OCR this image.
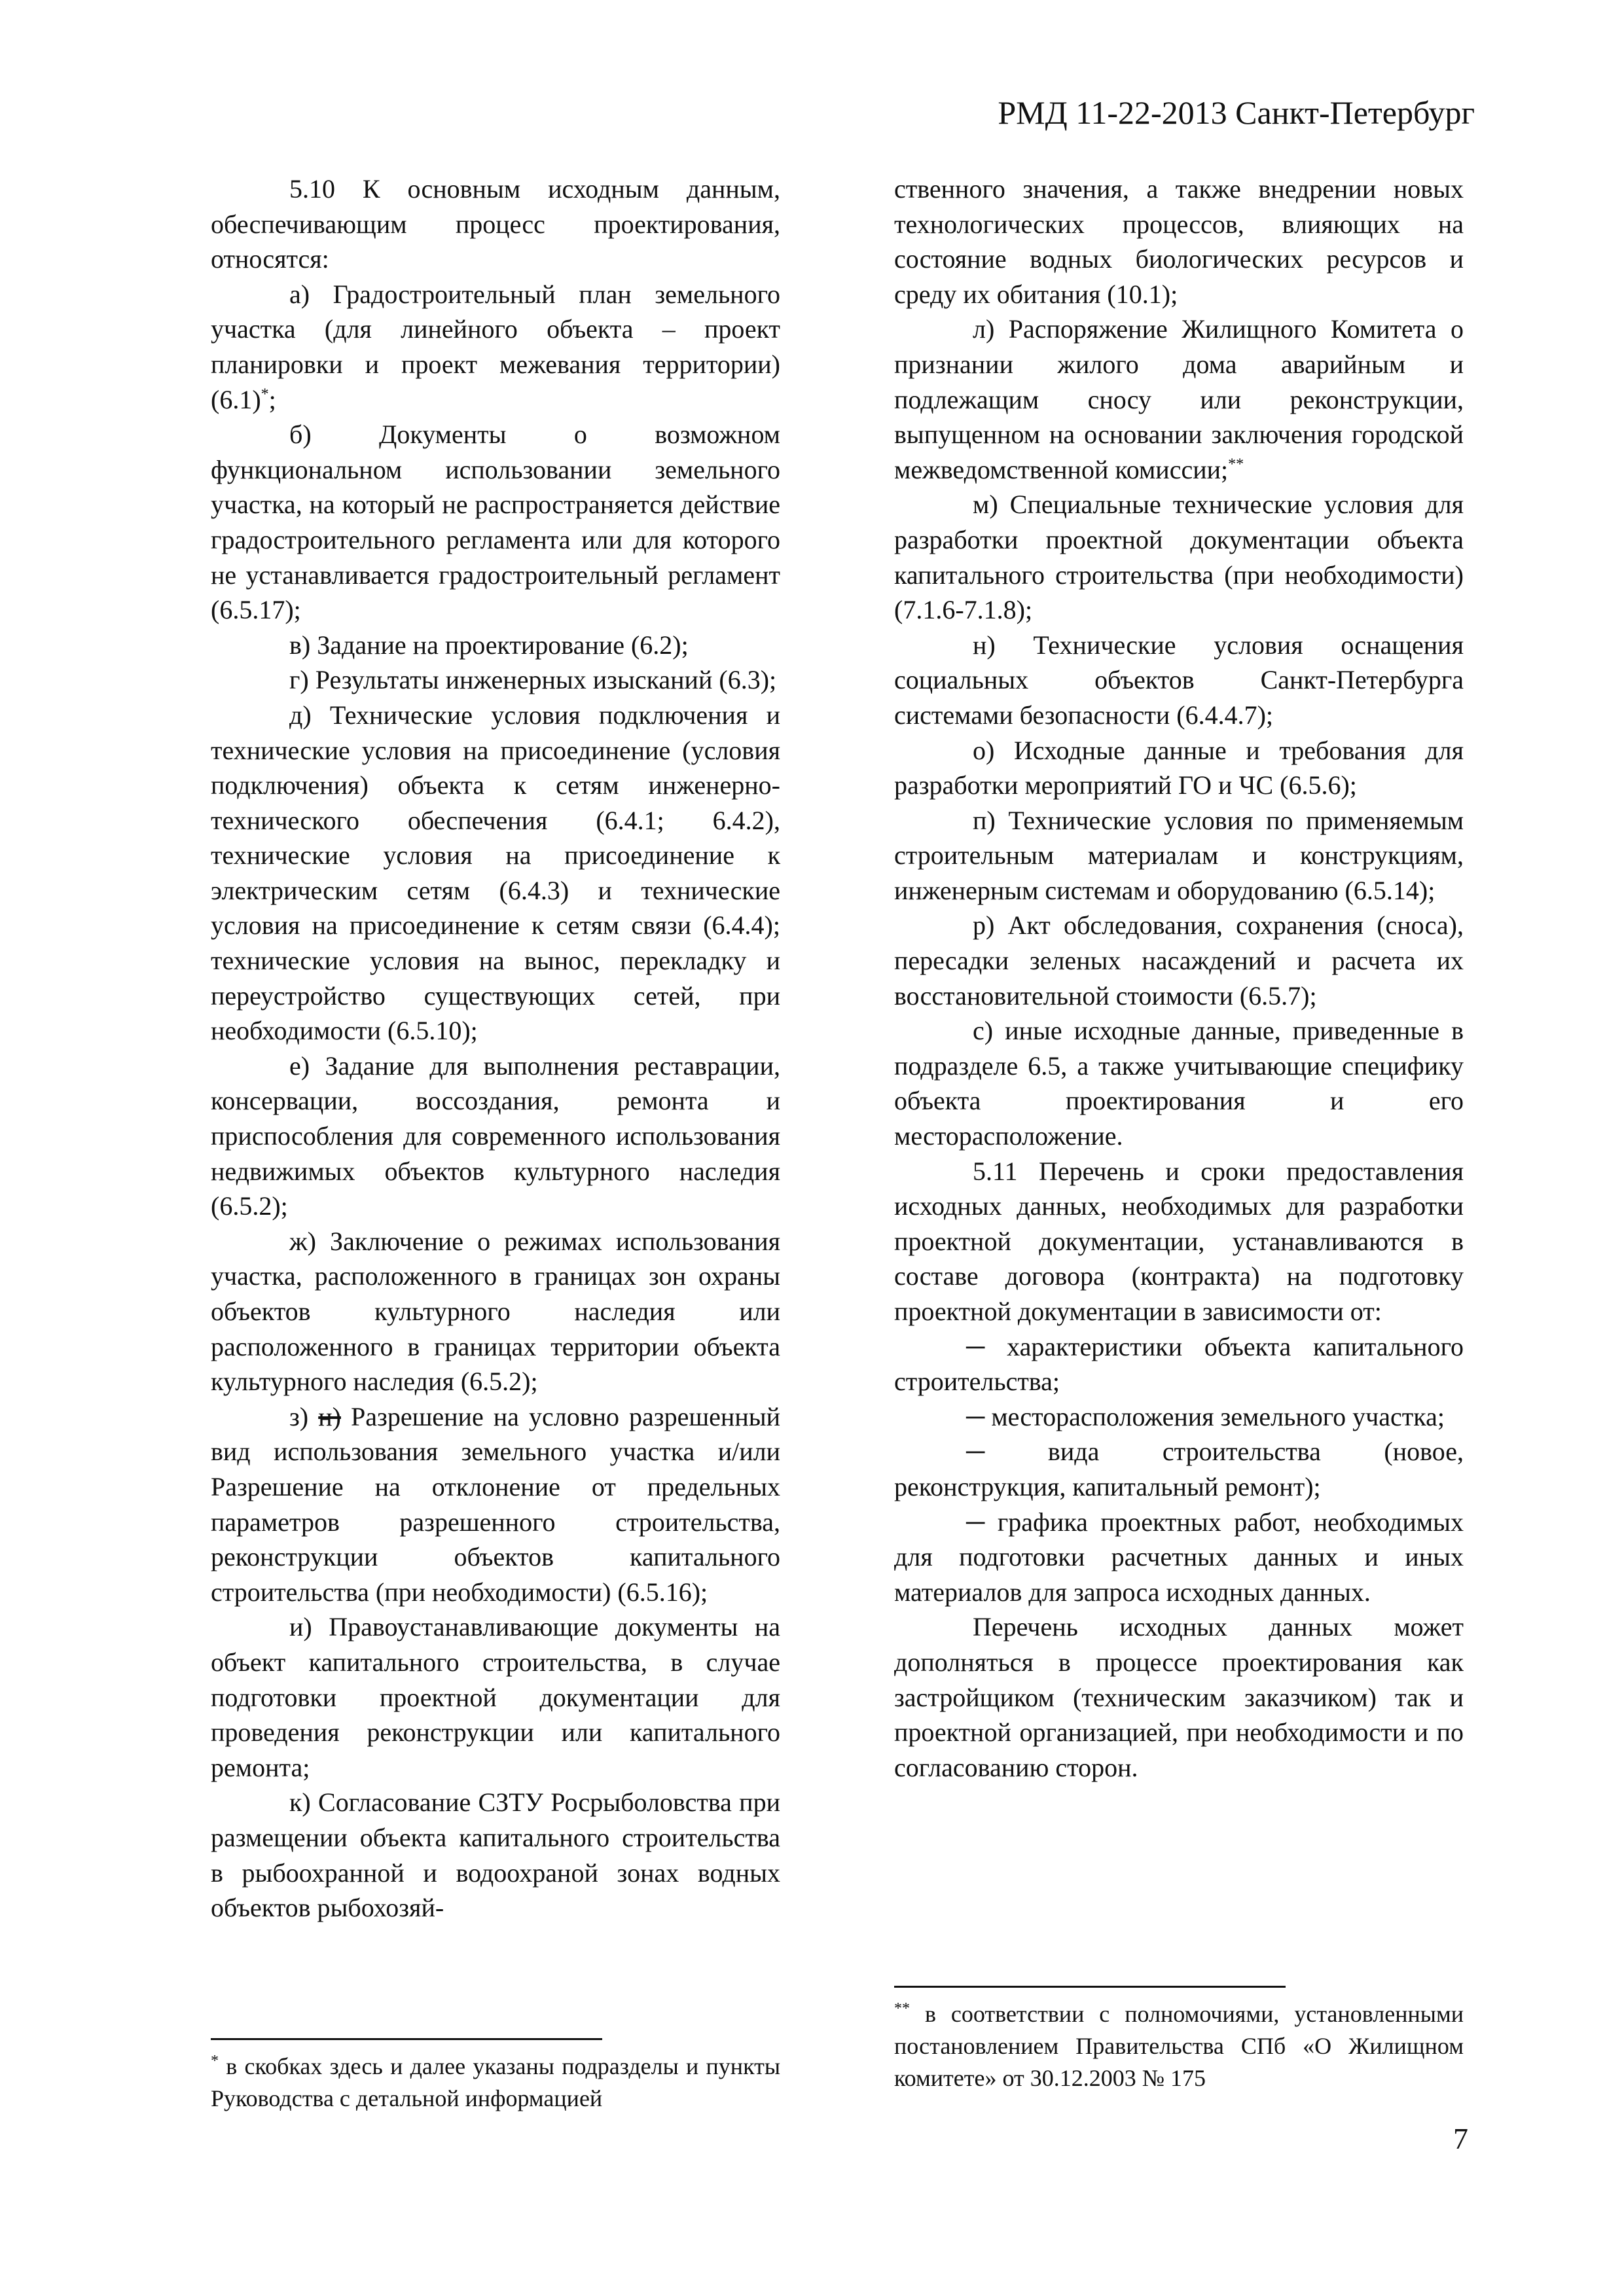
РМД 11-22-2013 Санкт-Петербург

5.10 К основным исходным данным, обеспечивающим процесс проектирования, относятся:

а) Градостроительный план земельного участка (для линейного объекта – проект планировки и проект межевания территории) (6.1)*;

б) Документы о возможном функциональном использовании земельного участка, на который не распространяется действие градостроительного регламента или для которого не устанавливается градостроительный регламент (6.5.17);

в) Задание на проектирование (6.2);

г) Результаты инженерных изысканий (6.3);

д) Технические условия подключения и технические условия на присоединение (условия подключения) объекта к сетям инженерно-технического обеспечения (6.4.1; 6.4.2), технические условия на присоединение к электрическим сетям (6.4.3) и технические условия на присоединение к сетям связи (6.4.4); технические условия на вынос, перекладку и переустройство существующих сетей, при необходимости (6.5.10);

е) Задание для выполнения реставрации, консервации, воссоздания, ремонта и приспособления для современного использования недвижимых объектов культурного наследия (6.5.2);

ж) Заключение о режимах использования участка, расположенного в границах зон охраны объектов культурного наследия или расположенного в границах территории объекта культурного наследия (6.5.2);

з) н) Разрешение на условно разрешенный вид использования земельного участка и/или Разрешение на отклонение от предельных параметров разрешенного строительства, реконструкции объектов капитального строительства (при необходимости) (6.5.16);

и) Правоустанавливающие документы на объект капитального строительства, в случае подготовки проектной документации для проведения реконструкции или капитального ремонта;

к) Согласование СЗТУ Росрыболовства при размещении объекта капитального строительства в рыбоохранной и водоохраной зонах водных объектов рыбохозяй-

ственного значения, а также внедрении новых технологических процессов, влияющих на состояние водных биологических ресурсов и среду их обитания (10.1);

л) Распоряжение Жилищного Комитета о признании жилого дома аварийным и подлежащим сносу или реконструкции, выпущенном на основании заключения городской межведомственной комиссии;**

м) Специальные технические условия для разработки проектной документации объекта капитального строительства (при необходимости) (7.1.6-7.1.8);

н) Технические условия оснащения социальных объектов Санкт-Петербурга системами безопасности (6.4.4.7);

о) Исходные данные и требования для разработки мероприятий ГО и ЧС (6.5.6);

п) Технические условия по применяемым строительным материалам и конструкциям, инженерным системам и оборудованию (6.5.14);

р) Акт обследования, сохранения (сноса), пересадки зеленых насаждений и расчета их восстановительной стоимости (6.5.7);

с) иные исходные данные, приведенные в подразделе 6.5, а также учитывающие специфику объекта проектирования и его месторасположение.

5.11 Перечень и сроки предоставления исходных данных, необходимых для разработки проектной документации, устанавливаются в составе договора (контракта) на подготовку проектной документации в зависимости от:

─ характеристики объекта капитального строительства;

─ месторасположения земельного участка;

─ вида строительства (новое, реконструкция, капитальный ремонт);

─ графика проектных работ, необходимых для подготовки расчетных данных и иных материалов для запроса исходных данных.

Перечень исходных данных может дополняться в процессе проектирования как застройщиком (техническим заказчиком) так и проектной организацией, при необходимости и по согласованию сторон.

* в скобках здесь и далее указаны подразделы и пункты Руководства с детальной информацией

** в соответствии с полномочиями, установленными постановлением Правительства СПб «О Жилищном комитете» от 30.12.2003 № 175

7
